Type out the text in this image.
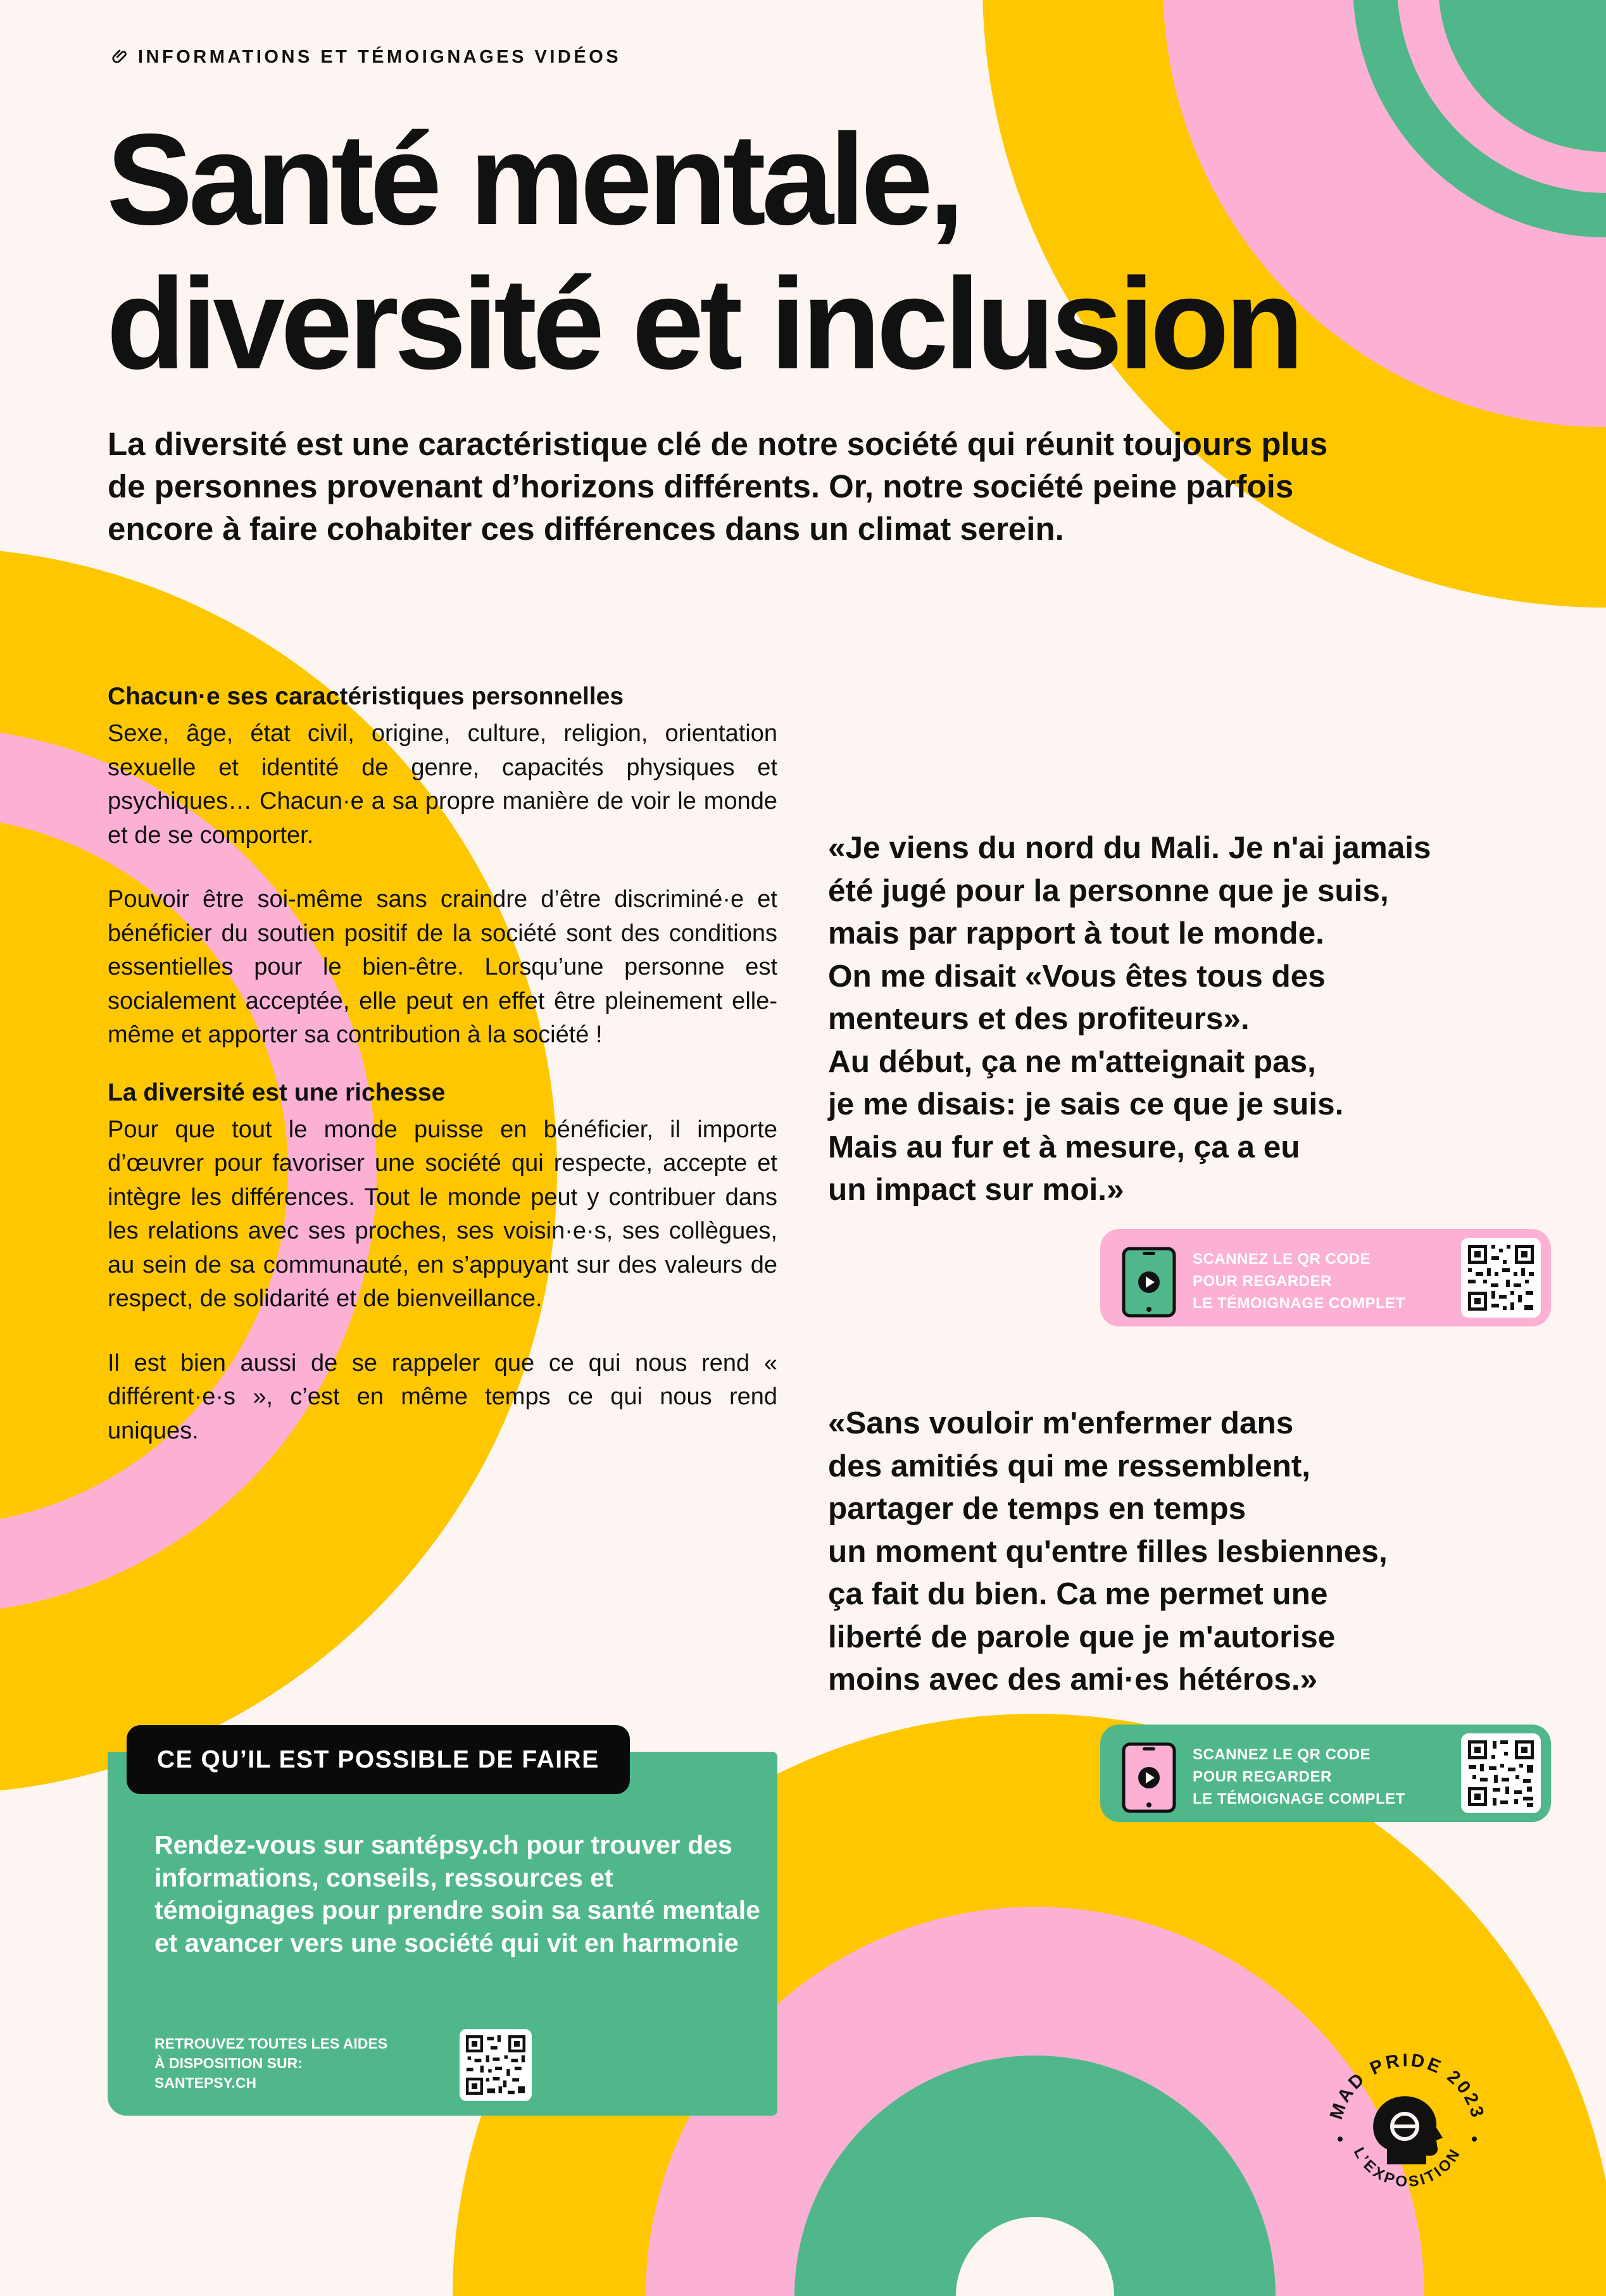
INFORMATIONS ET TÉMOIGNAGES VIDÉOS
Santé mentale,
diversité et inclusion

La diversité est une caractéristique clé de notre société qui réunit toujours plus de personnes provenant d’horizons différents. Or, notre société peine parfois encore à faire cohabiter ces différences dans un climat serein.

Chacun·e ses caractéristiques personnelles

Sexe, âge, état civil, origine, culture, religion, orientation sexuelle et identité de genre, capacités physiques et psychiques… Chacun·e a sa propre manière de voir le monde et de se comporter.

Pouvoir être soi-même sans craindre d’être discriminé·e et bénéficier du soutien positif de la société sont des conditions essentielles pour le bien-être. Lorsqu’une personne est socialement acceptée, elle peut en effet être pleinement elle-même et apporter sa contribution à la société !

La diversité est une richesse

Pour que tout le monde puisse en bénéficier, il importe d’œuvrer pour favoriser une société qui respecte, accepte et intègre les différences. Tout le monde peut y contribuer dans les relations avec ses proches, ses voisin·e·s, ses collègues, au sein de sa communauté, en s’appuyant sur des valeurs de respect, de solidarité et de bienveillance.

Il est bien aussi de se rappeler que ce qui nous rend « différent·e·s », c’est en même temps ce qui nous rend uniques.

«Je viens du nord du Mali. Je n'ai jamais
été jugé pour la personne que je suis,
mais par rapport à tout le monde.
On me disait «Vous êtes tous des
menteurs et des profiteurs».
Au début, ça ne m'atteignait pas,
je me disais: je sais ce que je suis.
Mais au fur et à mesure, ça a eu
un impact sur moi.»
SCANNEZ LE QR CODE
POUR REGARDER
LE TÉMOIGNAGE COMPLET
«Sans vouloir m'enfermer dans
des amitiés qui me ressemblent,
partager de temps en temps
un moment qu'entre filles lesbiennes,
ça fait du bien. Ca me permet une
liberté de parole que je m'autorise
moins avec des ami·es hétéros.»
SCANNEZ LE QR CODE
POUR REGARDER
LE TÉMOIGNAGE COMPLET
RETROUVEZ TOUTES LES AIDES
À DISPOSITION SUR:
SANTEPSY.CH
CE QU’IL EST POSSIBLE DE FAIRE

Rendez-vous sur santépsy.ch pour trouver des informations, conseils, ressources et témoignages pour prendre soin sa santé mentale et avancer vers une société qui vit en harmonie

MAD PRIDE 2023
L’EXPOSITION
